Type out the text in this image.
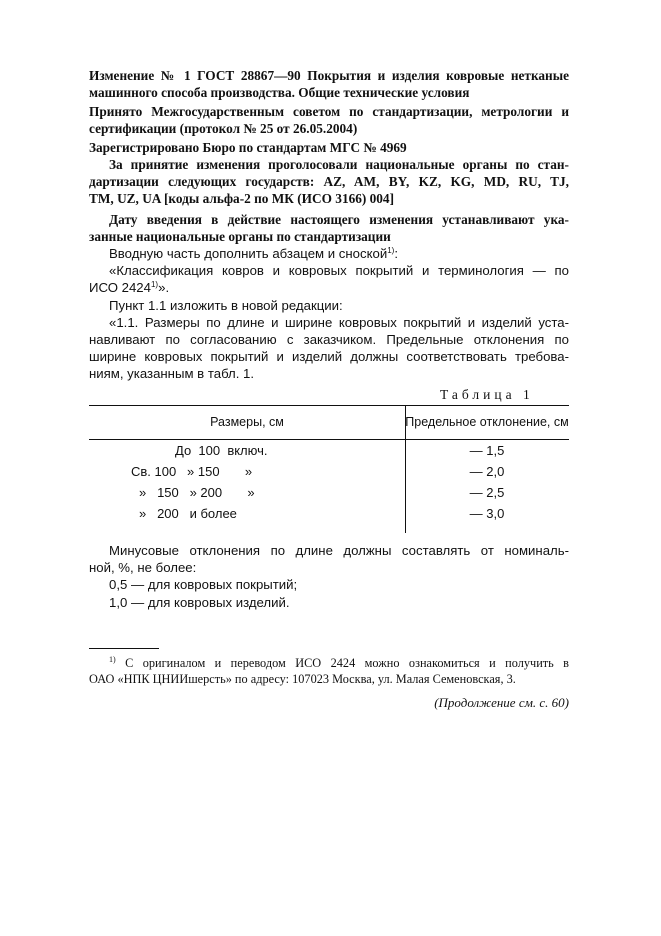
Изменение № 1 ГОСТ 28867—90 Покрытия и изделия ковровые нетканые
машинного способа производства. Общие технические условия
Принято Межгосударственным советом по стандартизации, метрологии и
сертификации (протокол № 25 от 26.05.2004)
Зарегистрировано Бюро по стандартам МГС № 4969
За принятие изменения проголосовали национальные органы по стан-
дартизации следующих государств: AZ, AM, BY, KZ, KG, MD, RU, TJ,
TM, UZ, UA [коды альфа-2 по МК (ИСО 3166) 004]
Дату введения в действие настоящего изменения устанавливают ука-
занные национальные органы по стандартизации
Вводную часть дополнить абзацем и сноской$^{1)}$:
«Классификация ковров и ковровых покрытий и терминология — по
ИСО 2424$^{1)}$».
Пункт 1.1 изложить в новой редакции:
«1.1. Размеры по длине и ширине ковровых покрытий и изделий уста-
навливают по согласованию с заказчиком. Предельные отклонения по
ширине ковровых покрытий и изделий должны соответствовать требова-
ниям, указанным в табл. 1.
Таблица 1
Размеры, см	Предельное отклонение, см
До  100  включ.	— 1,5
Св. 100   » 150       »	— 2,0
»   150   » 200       »	— 2,5
»   200   и более	— 3,0
Минусовые отклонения по длине должны составлять от номиналь-
ной, %, не более:
0,5 — для ковровых покрытий;
1,0 — для ковровых изделий.
$^{1)}$ С оригиналом и переводом ИСО 2424 можно ознакомиться и получить в
ОАО «НПК ЦНИИшерсть» по адресу: 107023 Москва, ул. Малая Семеновская, 3.
(Продолжение см. с. 60)
